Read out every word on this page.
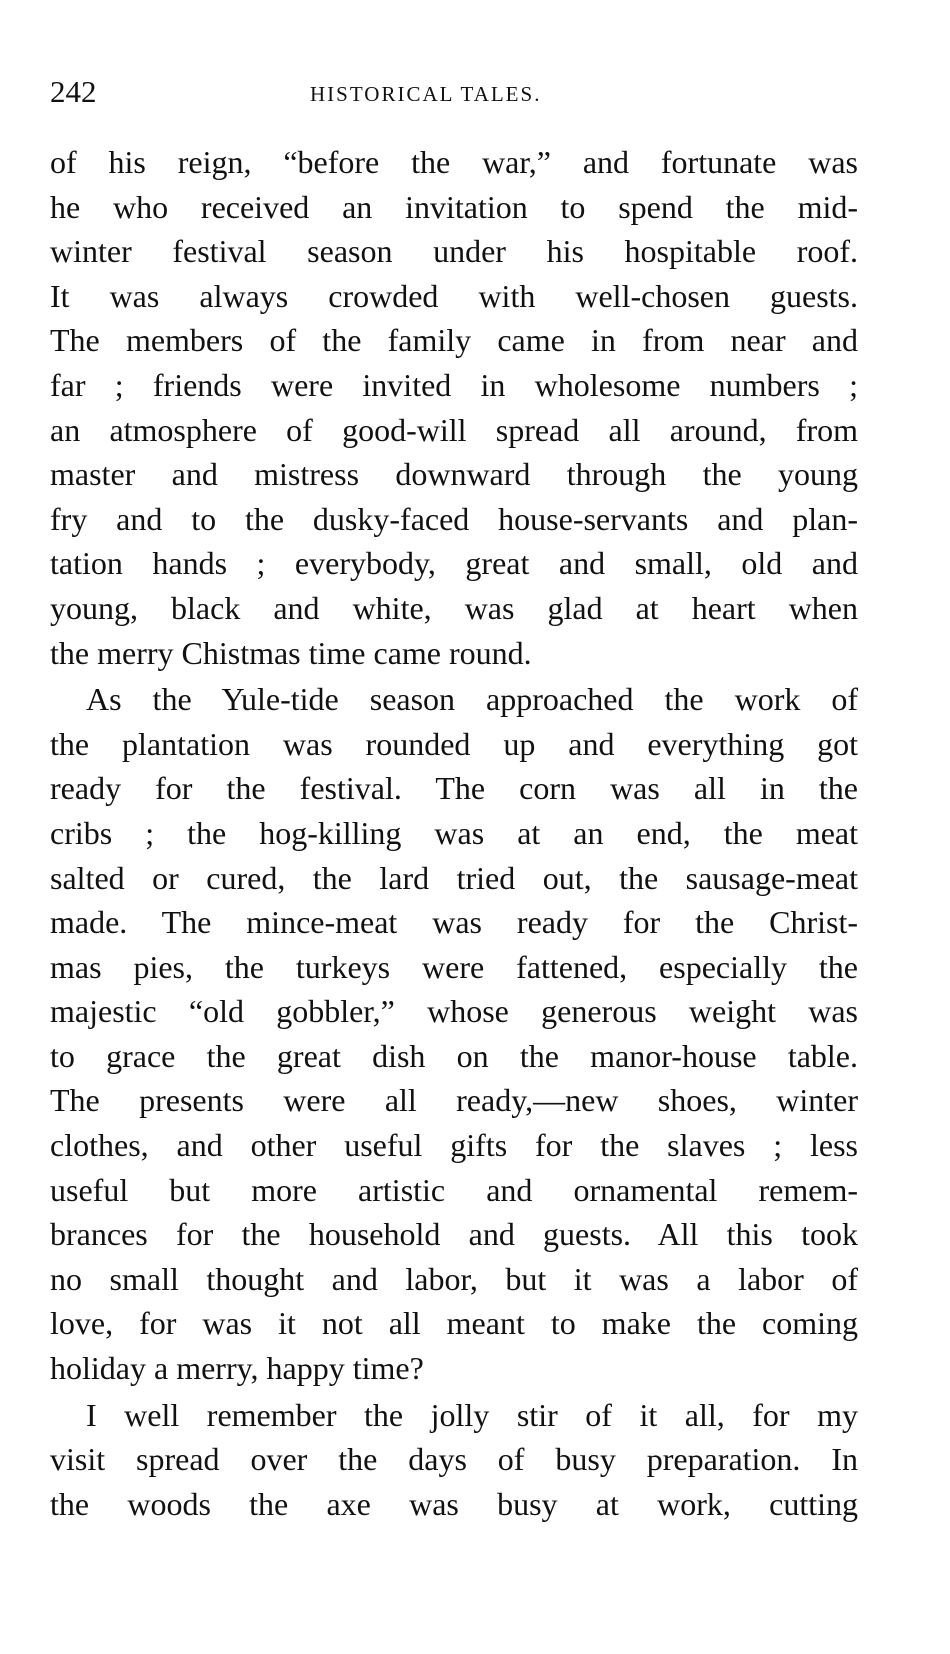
242	HISTORICAL TALES.
of his reign, “before the war,” and fortunate was
he who received an invitation to spend the mid-
winter festival season under his hospitable roof.
It was always crowded with well-chosen guests.
The members of the family came in from near and
far ; friends were invited in wholesome numbers ;
an atmosphere of good-will spread all around, from
master and mistress downward through the young
fry and to the dusky-faced house-servants and plan-
tation hands ; everybody, great and small, old and
young, black and white, was glad at heart when
the merry Chistmas time came round.
As the Yule-tide season approached the work of
the plantation was rounded up and everything got
ready for the festival. The corn was all in the
cribs ; the hog-killing was at an end, the meat
salted or cured, the lard tried out, the sausage-meat
made. The mince-meat was ready for the Christ-
mas pies, the turkeys were fattened, especially the
majestic “old gobbler,” whose generous weight was
to grace the great dish on the manor-house table.
The presents were all ready,—new shoes, winter
clothes, and other useful gifts for the slaves ; less
useful but more artistic and ornamental remem-
brances for the household and guests. All this took
no small thought and labor, but it was a labor of
love, for was it not all meant to make the coming
holiday a merry, happy time?
I well remember the jolly stir of it all, for my
visit spread over the days of busy preparation. In
the woods the axe was busy at work, cutting
